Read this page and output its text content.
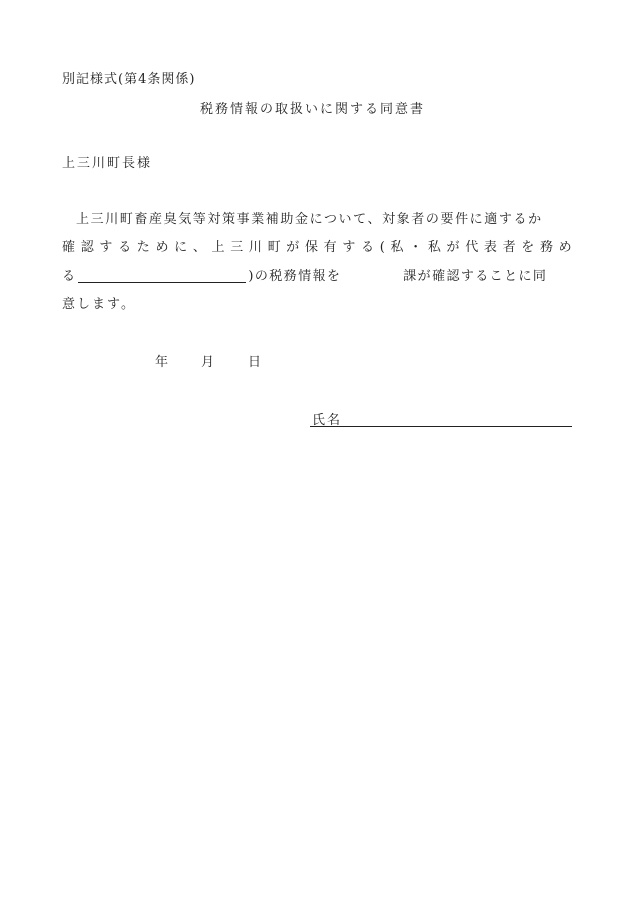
別記様式(第4条関係)
税務情報の取扱いに関する同意書
上三川町長様
上三川町畜産臭気等対策事業補助金について、対象者の要件に適するか
確 認 す る た め に 、 上 三 川 町 が 保 有 す る ( 私 ・ 私 が 代 表 者 を 務 め
る	)の税務情報を	課が確認することに同
意します。
年	月	日
氏名
